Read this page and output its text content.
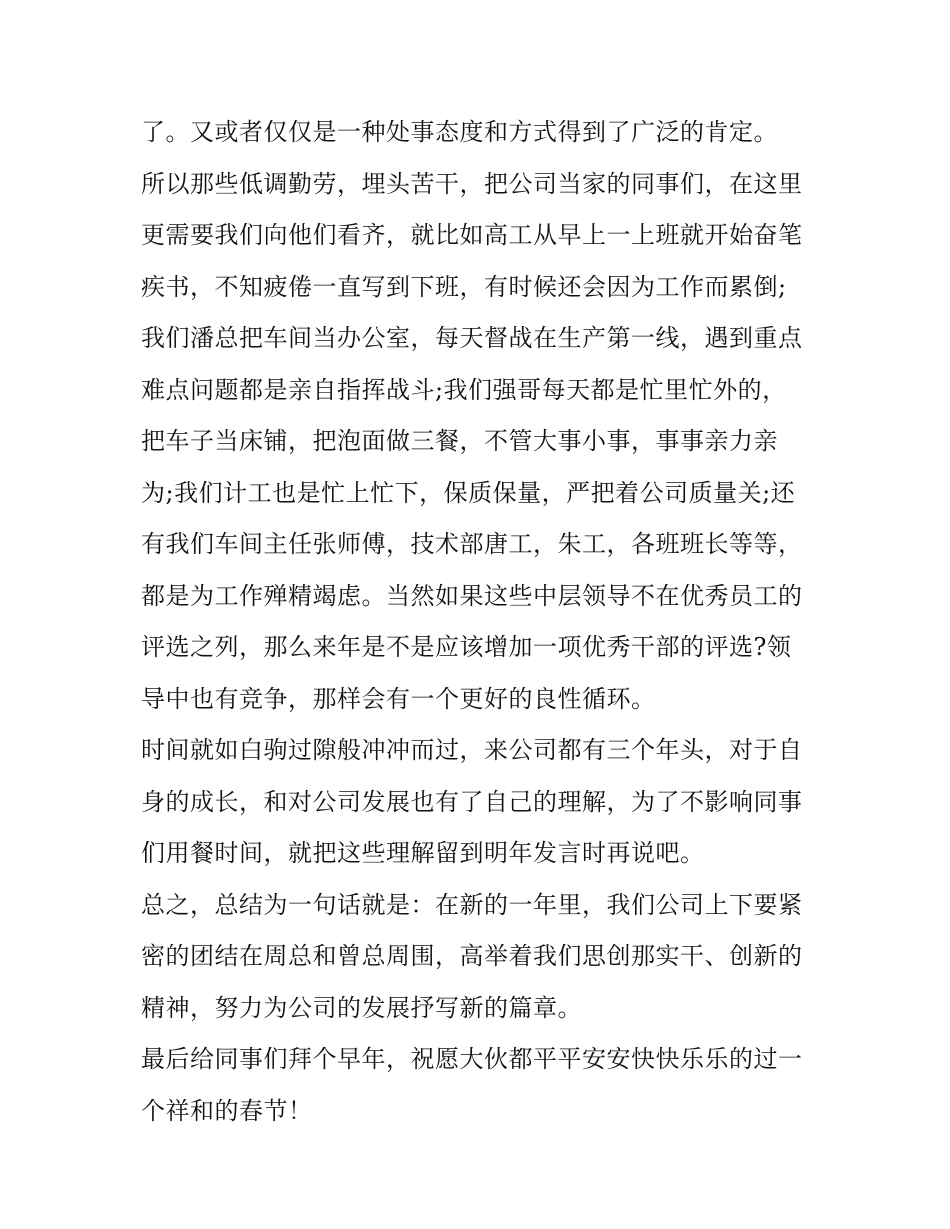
了。又或者仅仅是一种处事态度和方式得到了广泛的肯定。
所以那些低调勤劳，埋头苦干，把公司当家的同事们，在这里
更需要我们向他们看齐，就比如高工从早上一上班就开始奋笔
疾书，不知疲倦一直写到下班，有时候还会因为工作而累倒;
我们潘总把车间当办公室，每天督战在生产第一线，遇到重点
难点问题都是亲自指挥战斗;我们强哥每天都是忙里忙外的，
把车子当床铺，把泡面做三餐，不管大事小事，事事亲力亲
为;我们计工也是忙上忙下，保质保量，严把着公司质量关;还
有我们车间主任张师傅，技术部唐工，朱工，各班班长等等，
都是为工作殚精竭虑。当然如果这些中层领导不在优秀员工的
评选之列，那么来年是不是应该增加一项优秀干部的评选?领
导中也有竞争，那样会有一个更好的良性循环。
时间就如白驹过隙般冲冲而过，来公司都有三个年头，对于自
身的成长，和对公司发展也有了自己的理解，为了不影响同事
们用餐时间，就把这些理解留到明年发言时再说吧。
总之，总结为一句话就是：在新的一年里，我们公司上下要紧
密的团结在周总和曾总周围，高举着我们思创那实干、创新的
精神，努力为公司的发展抒写新的篇章。
最后给同事们拜个早年，祝愿大伙都平平安安快快乐乐的过一
个祥和的春节！
